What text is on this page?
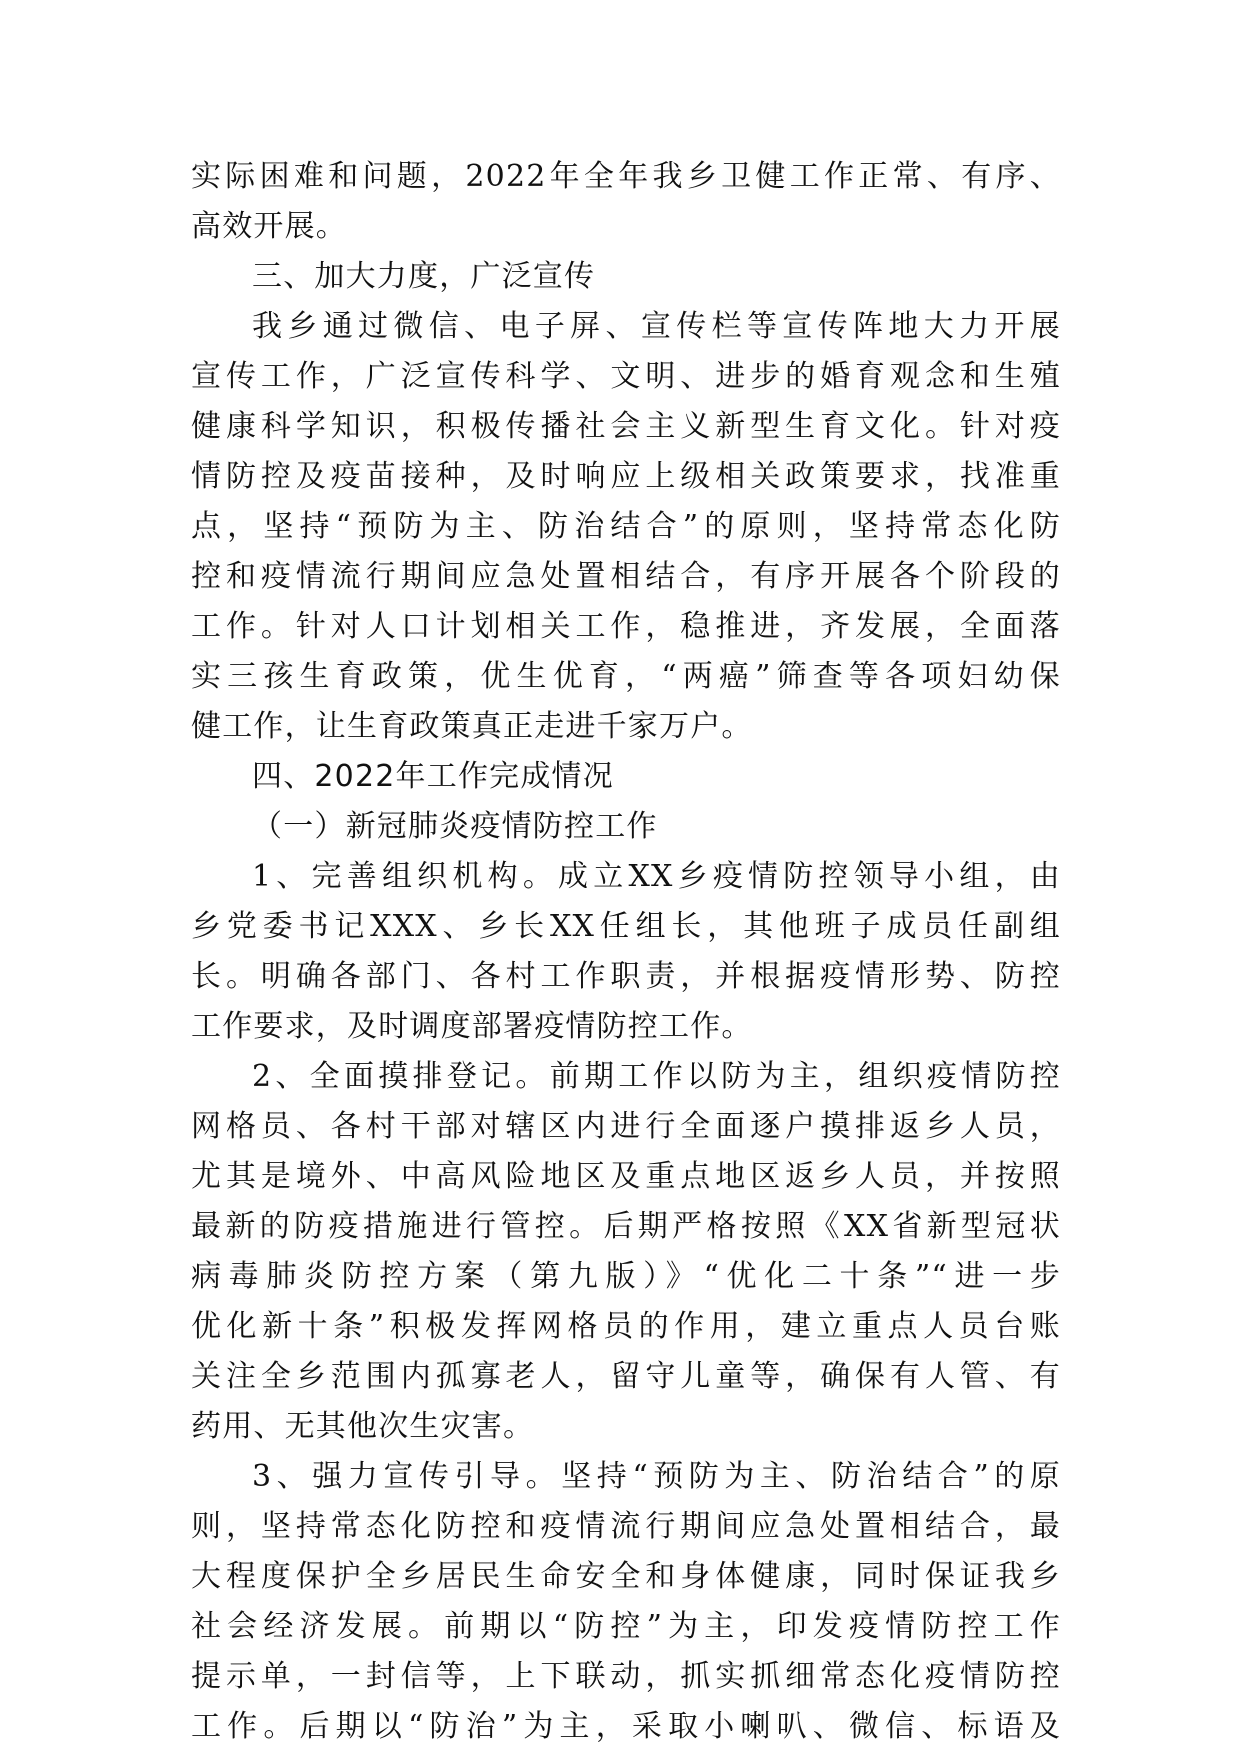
实际困难和问题，2022年全年我乡卫健工作正常、有序、
高效开展。
三、加大力度，广泛宣传
我乡通过微信、电子屏、宣传栏等宣传阵地大力开展
宣传工作，广泛宣传科学、文明、进步的婚育观念和生殖
健康科学知识，积极传播社会主义新型生育文化。针对疫
情防控及疫苗接种，及时响应上级相关政策要求，找准重
点，坚持“预防为主、防治结合”的原则，坚持常态化防
控和疫情流行期间应急处置相结合，有序开展各个阶段的
工作。针对人口计划相关工作，稳推进，齐发展，全面落
实三孩生育政策，优生优育，“两癌”筛查等各项妇幼保
健工作，让生育政策真正走进千家万户。
四、2022年工作完成情况
（一）新冠肺炎疫情防控工作
1、完善组织机构。成立XX乡疫情防控领导小组，由
乡党委书记XXX、乡长XX任组长，其他班子成员任副组
长。明确各部门、各村工作职责，并根据疫情形势、防控
工作要求，及时调度部署疫情防控工作。
2、全面摸排登记。前期工作以防为主，组织疫情防控
网格员、各村干部对辖区内进行全面逐户摸排返乡人员，
尤其是境外、中高风险地区及重点地区返乡人员，并按照
最新的防疫措施进行管控。后期严格按照《XX省新型冠状
病毒肺炎防控方案（第九版）》“优化二十条”“进一步
优化新十条”积极发挥网格员的作用，建立重点人员台账
关注全乡范围内孤寡老人，留守儿童等，确保有人管、有
药用、无其他次生灾害。
3、强力宣传引导。坚持“预防为主、防治结合”的原
则，坚持常态化防控和疫情流行期间应急处置相结合，最
大程度保护全乡居民生命安全和身体健康，同时保证我乡
社会经济发展。前期以“防控”为主，印发疫情防控工作
提示单，一封信等，上下联动，抓实抓细常态化疫情防控
工作。后期以“防治”为主，采取小喇叭、微信、标语及
